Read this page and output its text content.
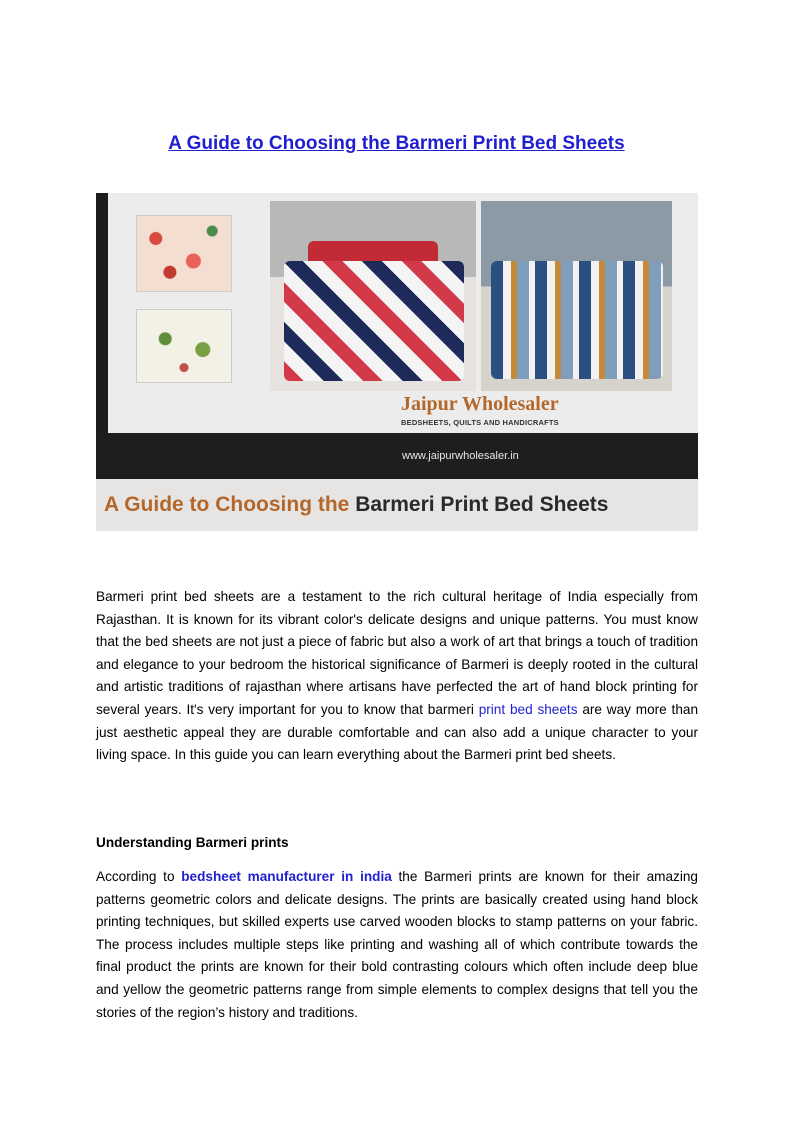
A Guide to Choosing the Barmeri Print Bed Sheets
Jaipur Wholesaler
BEDSHEETS, QUILTS AND HANDICRAFTS
www.jaipurwholesaler.in
A Guide to Choosing the Barmeri Print Bed Sheets

Barmeri print bed sheets are a testament to the rich cultural heritage of India especially from Rajasthan. It is known for its vibrant color's delicate designs and unique patterns. You must know that the bed sheets are not just a piece of fabric but also a work of art that brings a touch of tradition and elegance to your bedroom the historical significance of Barmeri is deeply rooted in the cultural and artistic traditions of rajasthan where artisans have perfected the art of hand block printing for several years. It's very important for you to know that barmeri print bed sheets are way more than just aesthetic appeal they are durable comfortable and can also add a unique character to your living space. In this guide you can learn everything about the Barmeri print bed sheets.

Understanding Barmeri prints

According to bedsheet manufacturer in india the Barmeri prints are known for their amazing patterns geometric colors and delicate designs. The prints are basically created using hand block printing techniques, but skilled experts use carved wooden blocks to stamp patterns on your fabric. The process includes multiple steps like printing and washing all of which contribute towards the final product the prints are known for their bold contrasting colours which often include deep blue and yellow the geometric patterns range from simple elements to complex designs that tell you the stories of the region’s history and traditions.
